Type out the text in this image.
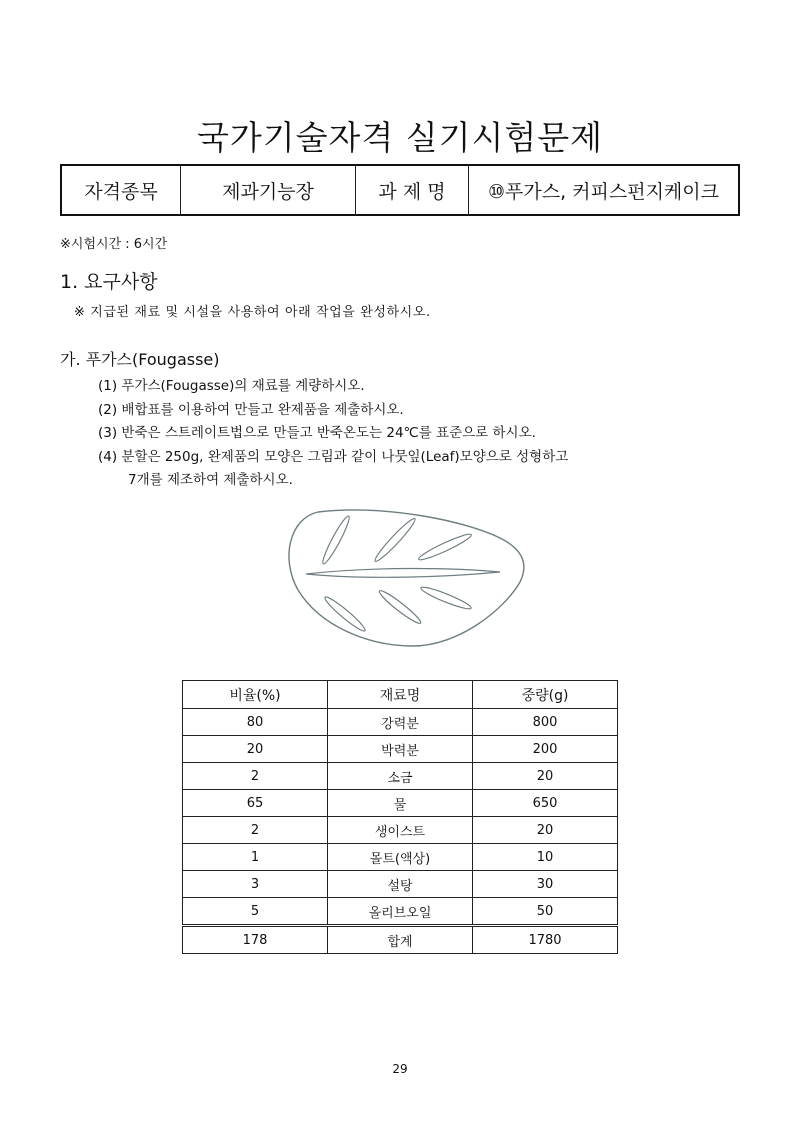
국가기술자격 실기시험문제
자격종목	제과기능장	과 제 명	⑩푸가스, 커피스펀지케이크
※시험시간 : 6시간
1. 요구사항
※ 지급된 재료 및 시설을 사용하여 아래 작업을 완성하시오.
가. 푸가스(Fougasse)
(1) 푸가스(Fougasse)의 재료를 계량하시오.
(2) 배합표를 이용하여 만들고 완제품을 제출하시오.
(3) 반죽은 스트레이트법으로 만들고 반죽온도는 24℃를 표준으로 하시오.
(4) 분할은 250g, 완제품의 모양은 그림과 같이 나뭇잎(Leaf)모양으로 성형하고
7개를 제조하여 제출하시오.
비율(%)	재료명	중량(g)
80	강력분	800
20	박력분	200
2	소금	20
65	물	650
2	생이스트	20
1	몰트(액상)	10
3	설탕	30
5	올리브오일	50
178	합계	1780
29
